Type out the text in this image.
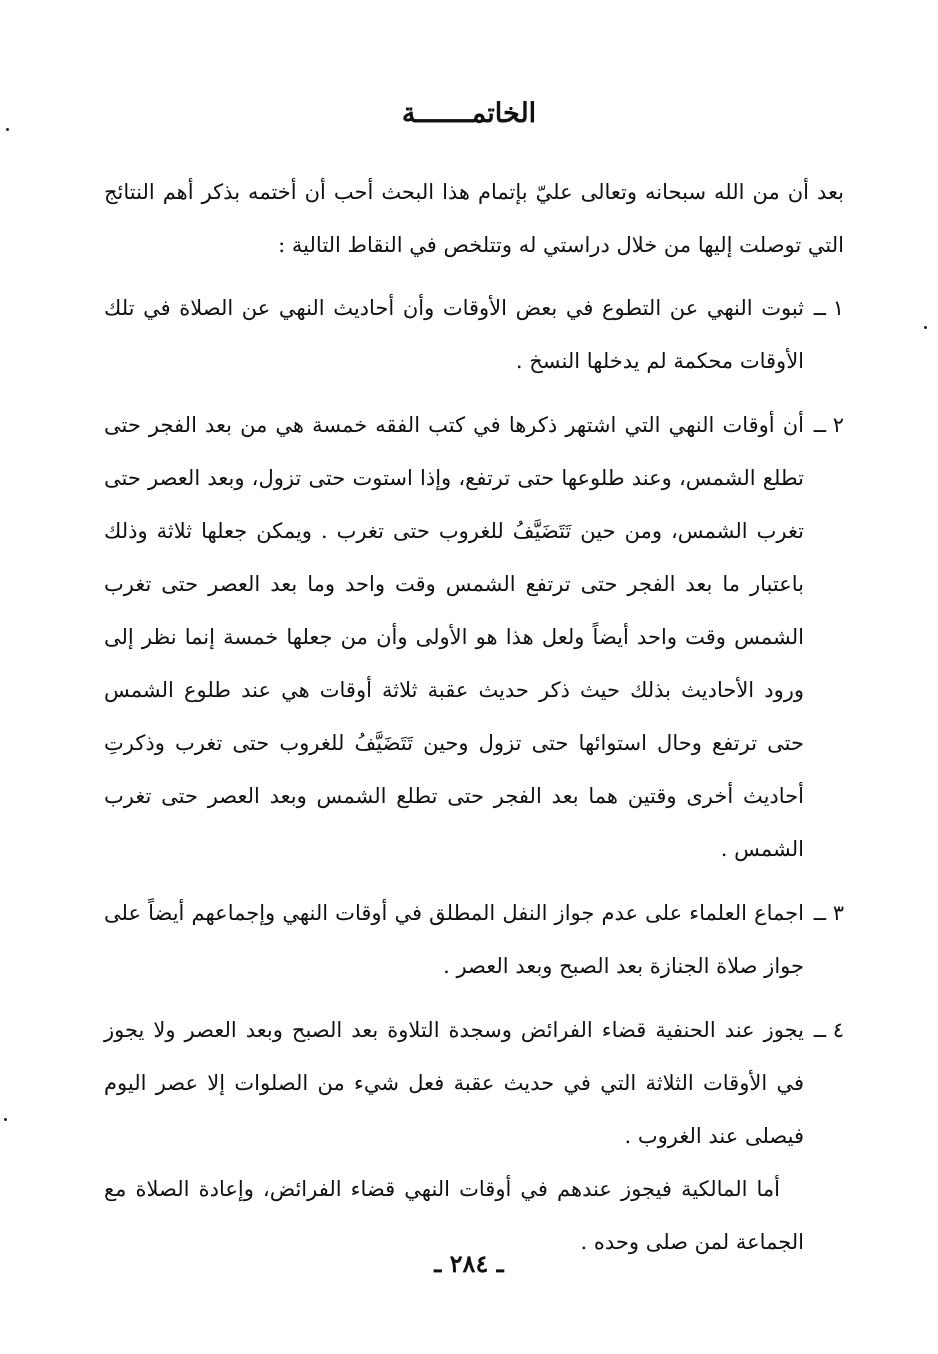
الخاتمـــــــة

بعد أن من الله سبحانه وتعالى عليّ بإتمام هذا البحث أحب أن أختمه بذكر أهم النتائج التي توصلت إليها من خلال دراستي له وتتلخص في النقاط التالية :

١ ــ
ثبوت النهي عن التطوع في بعض الأوقات وأن أحاديث النهي عن الصلاة في تلك الأوقات محكمة لم يدخلها النسخ .

٢ ــ
أن أوقات النهي التي اشتهر ذكرها في كتب الفقه خمسة هي من بعد الفجر حتى تطلع الشمس، وعند طلوعها حتى ترتفع، وإذا استوت حتى تزول، وبعد العصر حتى تغرب الشمس، ومن حين تَتَضَيَّفُ للغروب حتى تغرب . ويمكن جعلها ثلاثة وذلك باعتبار ما بعد الفجر حتى ترتفع الشمس وقت واحد وما بعد العصر حتى تغرب الشمس وقت واحد أيضاً ولعل هذا هو الأولى وأن من جعلها خمسة إنما نظر إلى ورود الأحاديث بذلك حيث ذكر حديث عقبة ثلاثة أوقات هي عند طلوع الشمس حتى ترتفع وحال استوائها حتى تزول وحين تَتَضَيَّفُ للغروب حتى تغرب وذكرتِ أحاديث أخرى وقتين هما بعد الفجر حتى تطلع الشمس وبعد العصر حتى تغرب الشمس .

٣ ــ
اجماع العلماء على عدم جواز النفل المطلق في أوقات النهي وإجماعهم أيضاً على جواز صلاة الجنازة بعد الصبح وبعد العصر .

٤ ــ
يجوز عند الحنفية قضاء الفرائض وسجدة التلاوة بعد الصبح وبعد العصر ولا يجوز في الأوقات الثلاثة التي في حديث عقبة فعل شيء من الصلوات إلا عصر اليوم فيصلى عند الغروب .

أما المالكية فيجوز عندهم في أوقات النهي قضاء الفرائض، وإعادة الصلاة مع الجماعة لمن صلى وحده .

ـ ٢٨٤ ـ
